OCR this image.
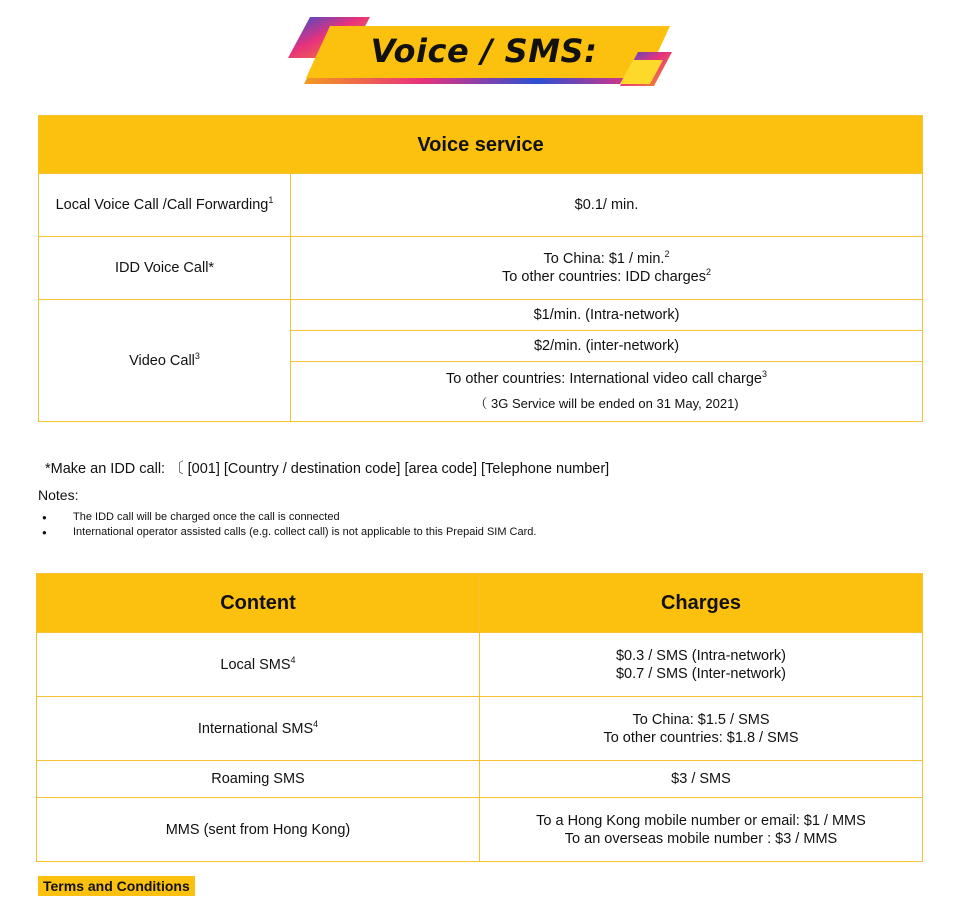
Voice / SMS:
Voice service	
Local Voice Call /Call Forwarding$^1$	$0.1/ min.
IDD Voice Call*	To China: $1 / min.$^2$
To other countries: IDD charges$^2$

Video Call$^3$	$1/min. (Intra-network)
	$2/min. (inter-network)

	To other countries: International video call charge$^3$
（ 3G Service will be ended on 31 May, 2021)
*Make an IDD call: 〔 [001] [Country / destination code] [area code] [Telephone number]
Notes:
● The IDD call will be charged once the call is connected
● International operator assisted calls (e.g. collect call) is not applicable to this Prepaid SIM Card.
Content	Charges
Local SMS$^4$	$0.3 / SMS (Intra-network)
$0.7 / SMS (Inter-network)

International SMS$^4$	To China: $1.5 / SMS
To other countries: $1.8 / SMS

Roaming SMS	$3 / SMS
MMS (sent from Hong Kong)	To a Hong Kong mobile number or email: $1 / MMS
To an overseas mobile number : $3 / MMS
Terms and Conditions
